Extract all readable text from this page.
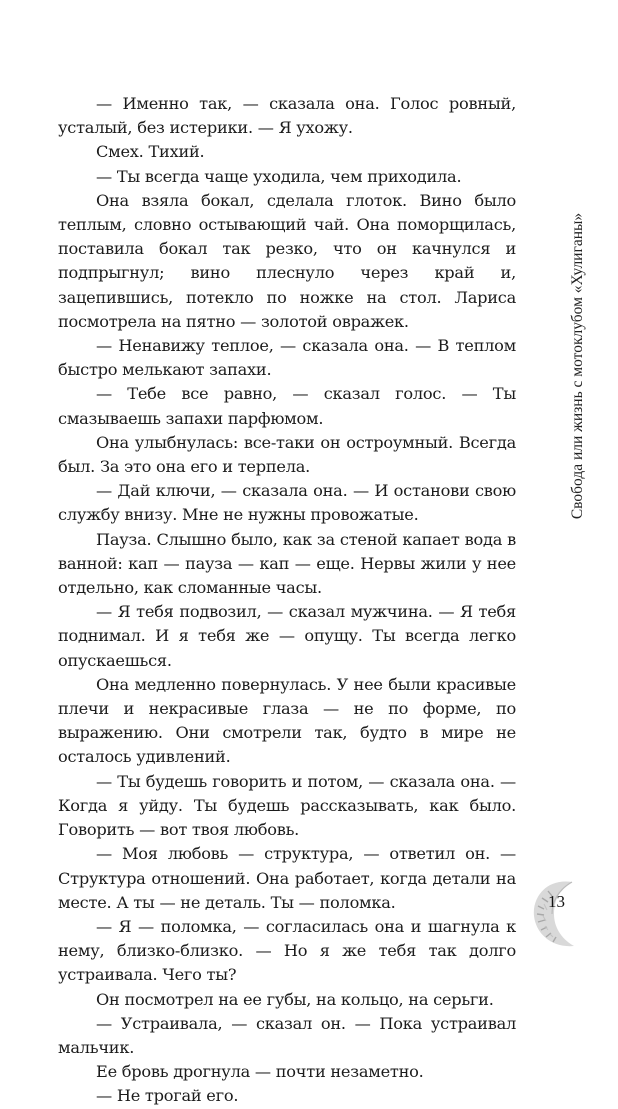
— Именно так, — сказала она. Голос ровный, усталый, без истерики. — Я ухожу.

Смех. Тихий.

— Ты всегда чаще уходила, чем приходила.

Она взяла бокал, сделала глоток. Вино было теплым, словно остывающий чай. Она поморщилась, поставила бокал так резко, что он качнулся и подпрыгнул; вино плеснуло через край и, зацепившись, потекло по ножке на стол. Лариса посмотрела на пятно — золотой овражек.

— Ненавижу теплое, — сказала она. — В теплом быстро мелькают запахи.

— Тебе все равно, — сказал голос. — Ты смазываешь запахи парфюмом.

Она улыбнулась: все-таки он остроумный. Всегда был. За это она его и терпела.

— Дай ключи, — сказала она. — И останови свою службу внизу. Мне не нужны провожатые.

Пауза. Слышно было, как за стеной капает вода в ванной: кап — пауза — кап — еще. Нервы жили у нее отдельно, как сломанные часы.

— Я тебя подвозил, — сказал мужчина. — Я тебя поднимал. И я тебя же — опущу. Ты всегда легко опускаешься.

Она медленно повернулась. У нее были красивые плечи и некрасивые глаза — не по форме, по выражению. Они смотрели так, будто в мире не осталось удивлений.

— Ты будешь говорить и потом, — сказала она. — Когда я уйду. Ты будешь рассказывать, как было. Говорить — вот твоя любовь.

— Моя любовь — структура, — ответил он. — Структура отношений. Она работает, когда детали на месте. А ты — не деталь. Ты — поломка.

— Я — поломка, — согласилась она и шагнула к нему, близко-близко. — Но я же тебя так долго устраивала. Чего ты?

Он посмотрел на ее губы, на кольцо, на серьги.

— Устраивала, — сказал он. — Пока устраивал мальчик.

Ее бровь дрогнула — почти незаметно.

— Не трогай его.

Свобода или жизнь с мотоклубом «Хулиганы»
13
